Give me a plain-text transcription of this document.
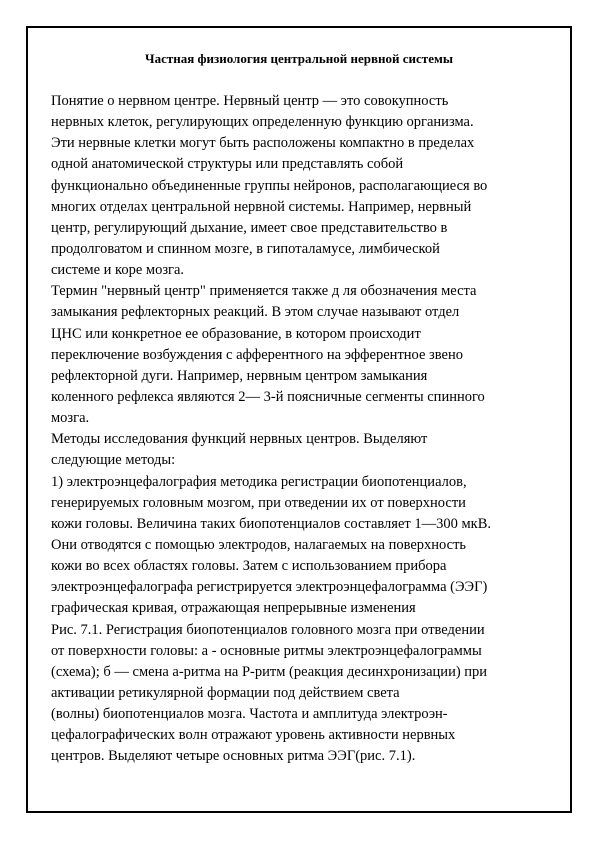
Частная физиология центральной нервной системы
Понятие о нервном центре. Нервный центр — это совокупность
нервных клеток, регулирующих определенную функцию организма.
Эти нервные клетки могут быть расположены компактно в пределах
одной анатомической структуры или представлять собой
функционально объединенные группы нейронов, располагающиеся во
многих отделах центральной нервной системы. Например, нервный
центр, регулирующий дыхание, имеет свое представительство в
продолговатом и спинном мозге, в гипоталамусе, лимбической
системе и коре мозга.
Термин "нервный центр" применяется также д ля обозначения места
замыкания рефлекторных реакций. В этом случае называют отдел
ЦНС или конкретное ее образование, в котором происходит
переключение возбуждения с афферентного на эфферентное звено
рефлекторной дуги. Например, нервным центром замыкания
коленного рефлекса являются 2— 3-й поясничные сегменты спинного
мозга.
Методы исследования функций нервных центров. Выделяют
следующие методы:
1) электроэнцефалография методика регистрации биопотенциалов,
генерируемых головным мозгом, при отведении их от поверхности
кожи головы. Величина таких биопотенциалов составляет 1—300 мкВ.
Они отводятся с помощью электродов, налагаемых на поверхность
кожи во всех областях головы. Затем с использованием прибора
электроэнцефалографа регистрируется электроэнцефалограмма (ЭЭГ)
графическая кривая, отражающая непрерывные изменения
Рис. 7.1. Регистрация биопотенциалов головного мозга при отведении
от поверхности головы: а - основные ритмы электроэнцефалограммы
(схема); б — смена а-ритма на Р-ритм (реакция десинхронизации) при
активации ретикулярной формации под действием света
(волны) биопотенциалов мозга. Частота и амплитуда электроэн-
цефалографических волн отражают уровень активности нервных
центров. Выделяют четыре основных ритма ЭЭГ(рис. 7.1).
